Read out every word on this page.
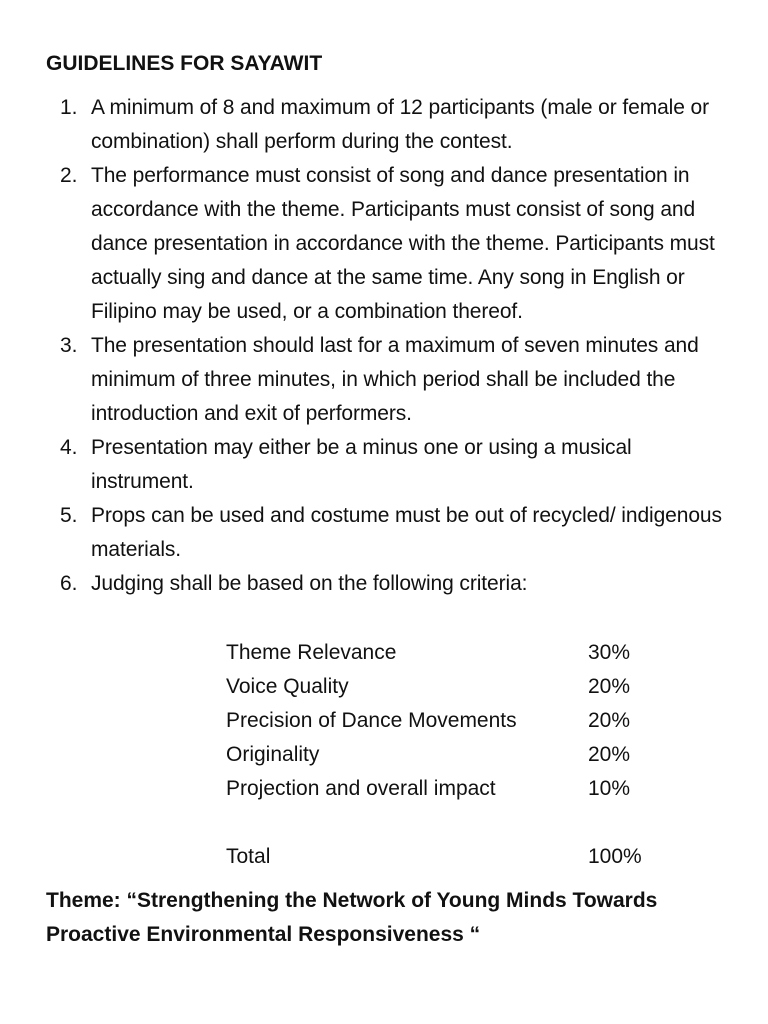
GUIDELINES FOR SAYAWIT
1. A minimum of 8 and maximum of 12 participants (male or female or combination) shall perform during the contest.
2. The performance must consist of song and dance presentation in accordance with the theme. Participants must consist of song and dance presentation in accordance with the theme. Participants must actually sing and dance at the same time. Any song in English or Filipino may be used, or a combination thereof.
3. The presentation should last for a maximum of seven minutes and minimum of three minutes, in which period shall be included the introduction and exit of performers.
4. Presentation may either be a minus one or using a musical instrument.
5. Props can be used and costume must be out of recycled/ indigenous materials.
6. Judging shall be based on the following criteria:
Theme Relevance	30%
Voice Quality	20%
Precision of Dance Movements	20%
Originality	20%
Projection and overall impact	10%
Total	100%
Theme: “Strengthening the Network of Young Minds Towards Proactive Environmental Responsiveness “
